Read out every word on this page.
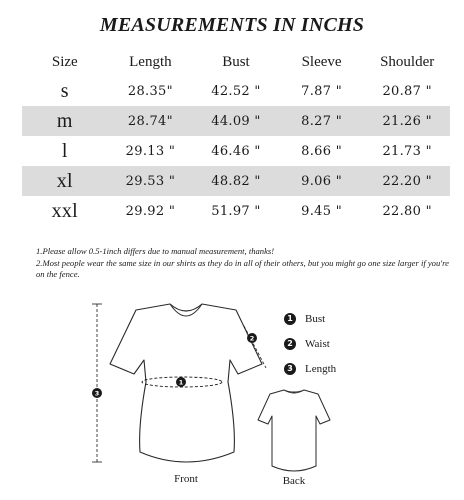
MEASUREMENTS IN INCHS
Size	Length	Bust	Sleeve	Shoulder
s	28.35"	42.52 "	7.87 "	20.87 "
m	28.74"	44.09 "	8.27 "	21.26 "
l	29.13 "	46.46 "	8.66 "	21.73 "
xl	29.53 "	48.82 "	9.06 "	22.20 "
xxl	29.92 "	51.97 "	9.45 "	22.80 "

1.Please allow 0.5-1inch differs due to manual measurement, thanks!

2.Most people wear the same size in our shirts as they do in all of their others, but you might go one size larger if you're on the fence.

3
2
1
Front	Back
1 Bust
2 Waist
3 Length
